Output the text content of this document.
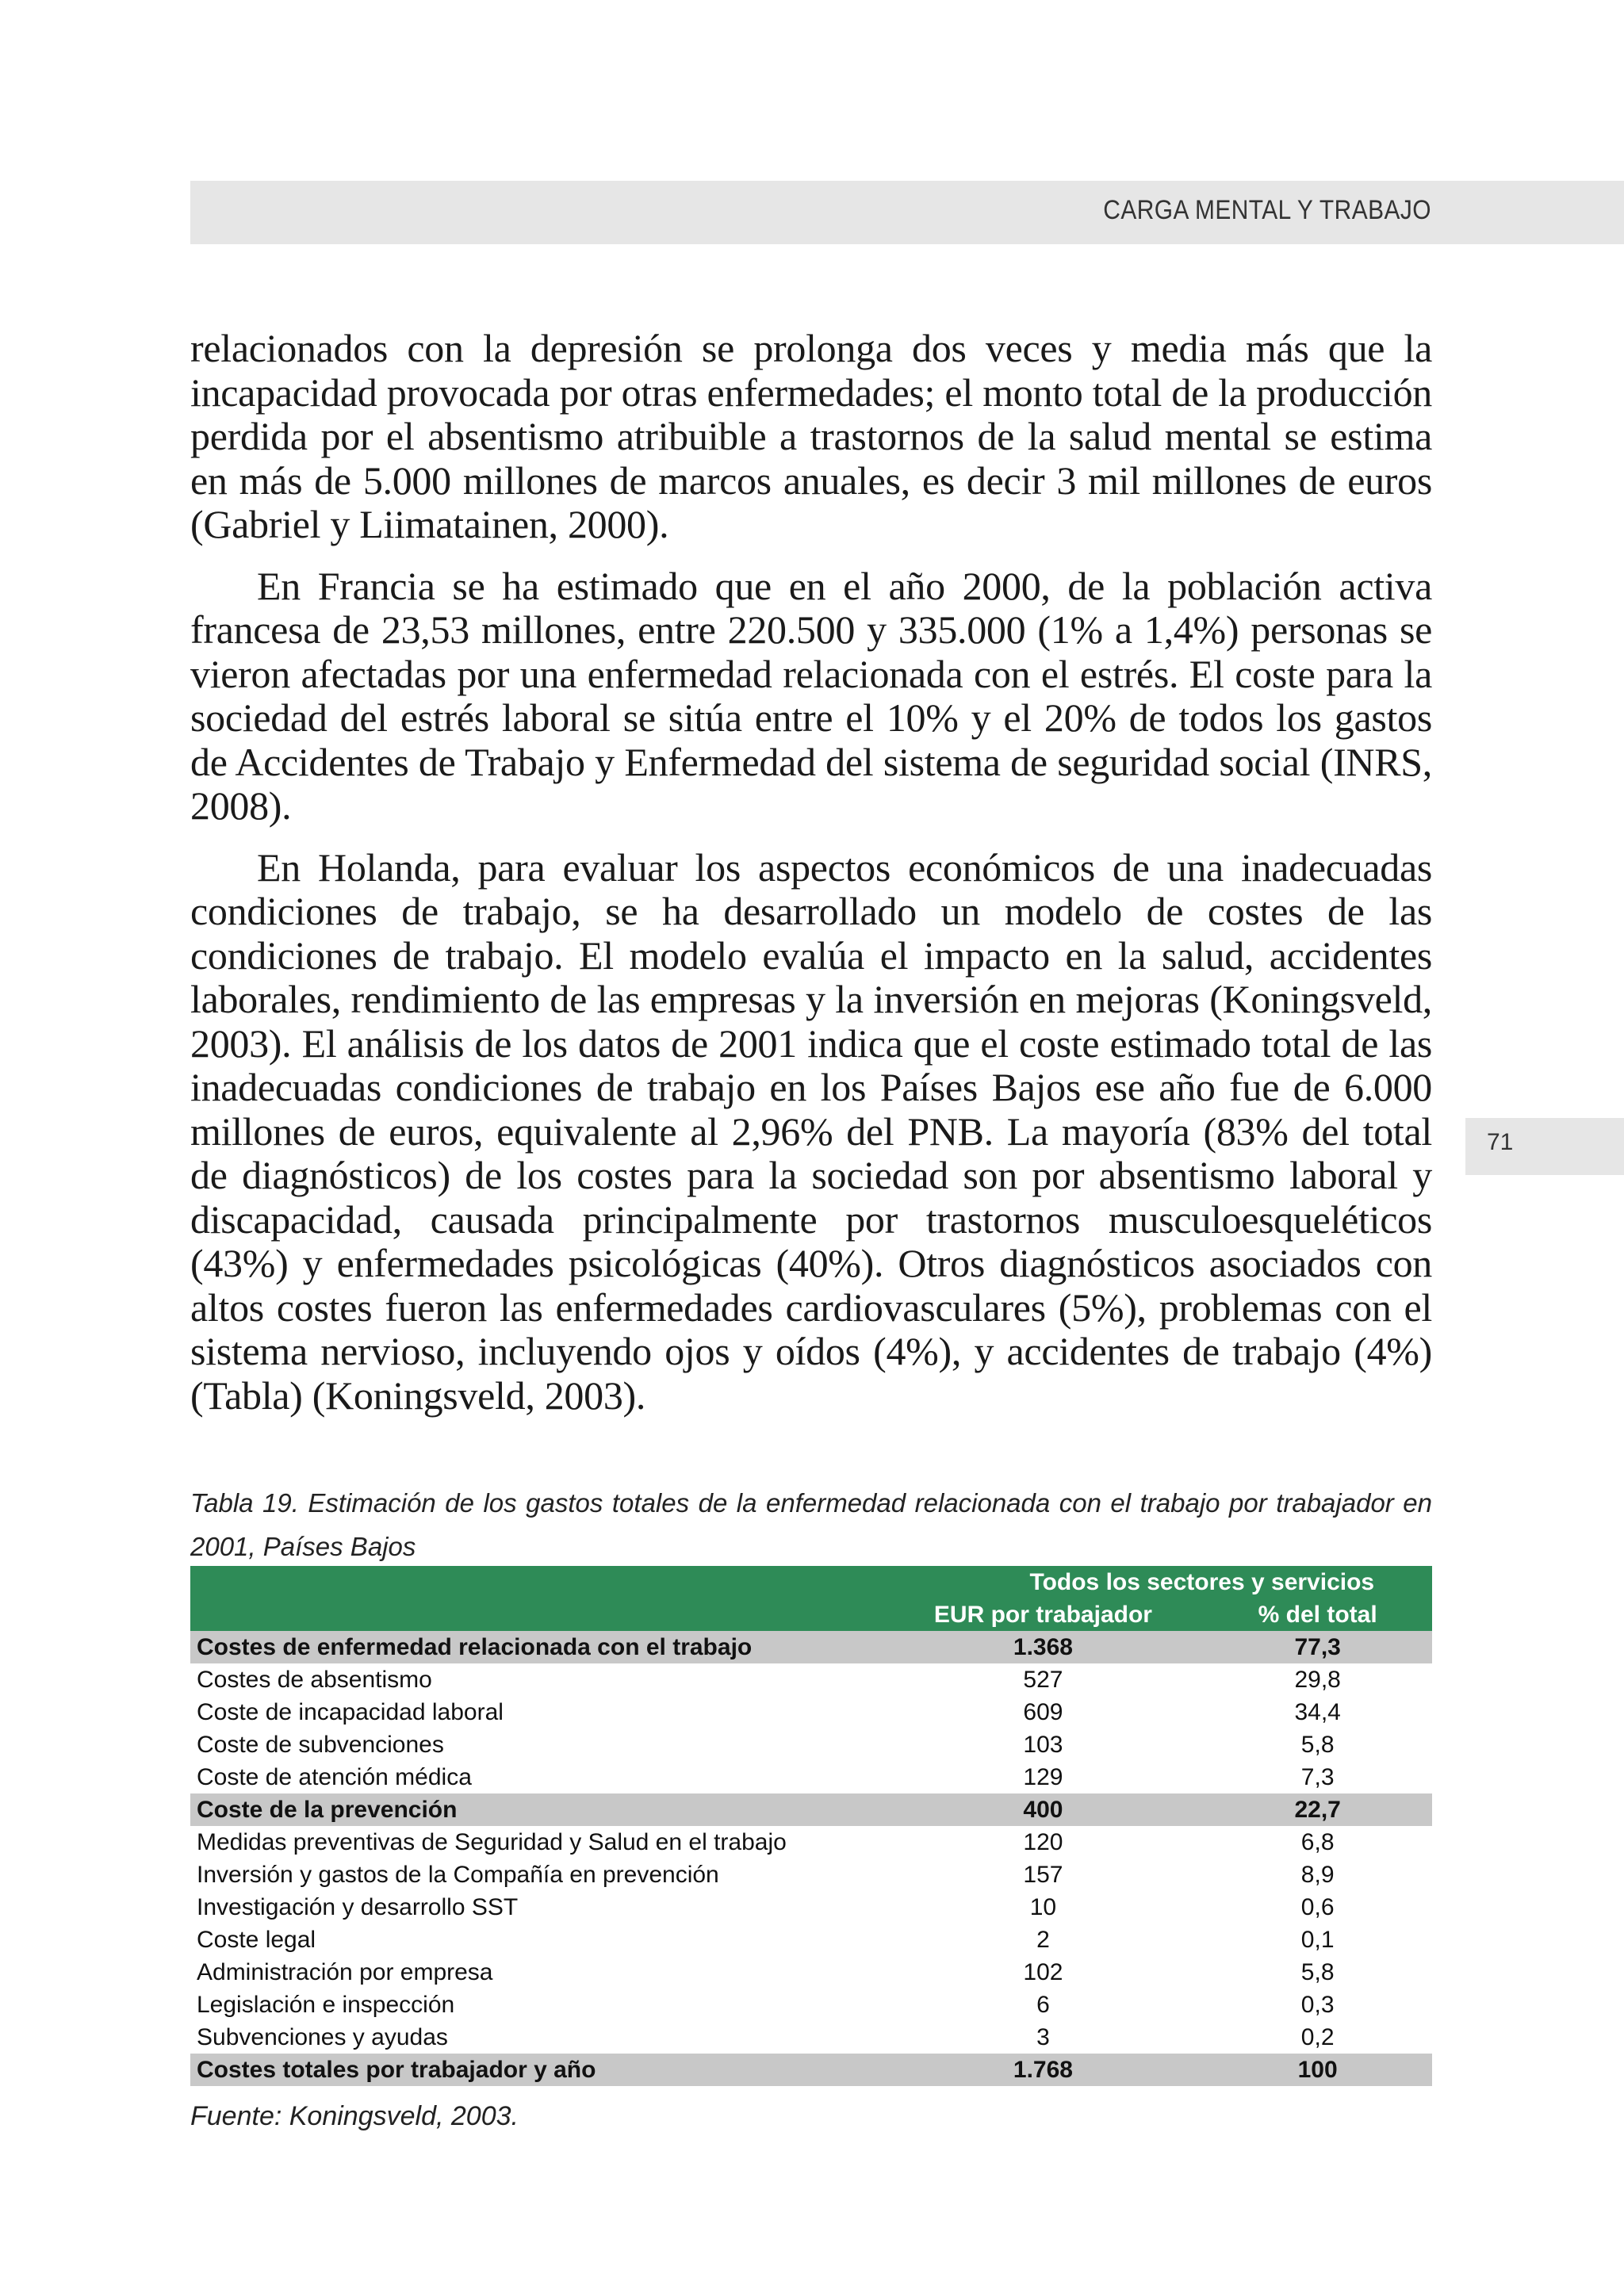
CARGA MENTAL Y TRABAJO
71

relacionados con la depresión se prolonga dos veces y media más que la incapacidad provocada por otras enfermedades; el monto total de la producción perdida por el absentismo atribuible a trastornos de la salud mental se estima en más de 5.000 millones de marcos anuales, es decir 3 mil millones de euros (Gabriel y Liimatainen, 2000).

En Francia se ha estimado que en el año 2000, de la población activa francesa de 23,53 millones, entre 220.500 y 335.000 (1% a 1,4%) personas se vieron afectadas por una enfermedad relacionada con el estrés. El coste para la sociedad del estrés laboral se sitúa entre el 10% y el 20% de todos los gastos de Accidentes de Trabajo y Enfermedad del sistema de seguridad social (INRS, 2008).

En Holanda, para evaluar los aspectos económicos de una inadecuadas condiciones de trabajo, se ha desarrollado un modelo de costes de las condiciones de trabajo. El modelo evalúa el impacto en la salud, accidentes laborales, rendimiento de las empresas y la inversión en mejoras (Koningsveld, 2003). El análisis de los datos de 2001 indica que el coste estimado total de las inadecuadas condiciones de trabajo en los Países Bajos ese año fue de 6.000 millones de euros, equivalente al 2,96% del PNB. La mayoría (83% del total de diagnósticos) de los costes para la sociedad son por absentismo laboral y discapacidad, causada principalmente por trastornos musculoesqueléticos (43%) y enfermedades psicológicas (40%). Otros diagnósticos asociados con altos costes fueron las enfermedades cardiovasculares (5%), problemas con el sistema nervioso, incluyendo ojos y oídos (4%), y accidentes de trabajo (4%) (Tabla) (Koningsveld, 2003).

Tabla 19. Estimación de los gastos totales de la enfermedad relacionada con el trabajo por trabajador en 2001, Países Bajos
	Todos los sectores y servicios	
	EUR por trabajador	% del total
Costes de enfermedad relacionada con el trabajo	1.368	77,3
Costes de absentismo	527	29,8
Coste de incapacidad laboral	609	34,4
Coste de subvenciones	103	5,8
Coste de atención médica	129	7,3
Coste de la prevención	400	22,7
Medidas preventivas de Seguridad y Salud en el trabajo	120	6,8
Inversión y gastos de la Compañía en prevención	157	8,9
Investigación y desarrollo SST	10	0,6
Coste legal	2	0,1
Administración por empresa	102	5,8
Legislación e inspección	6	0,3
Subvenciones y ayudas	3	0,2
Costes totales por trabajador y año	1.768	100
Fuente: Koningsveld, 2003.
